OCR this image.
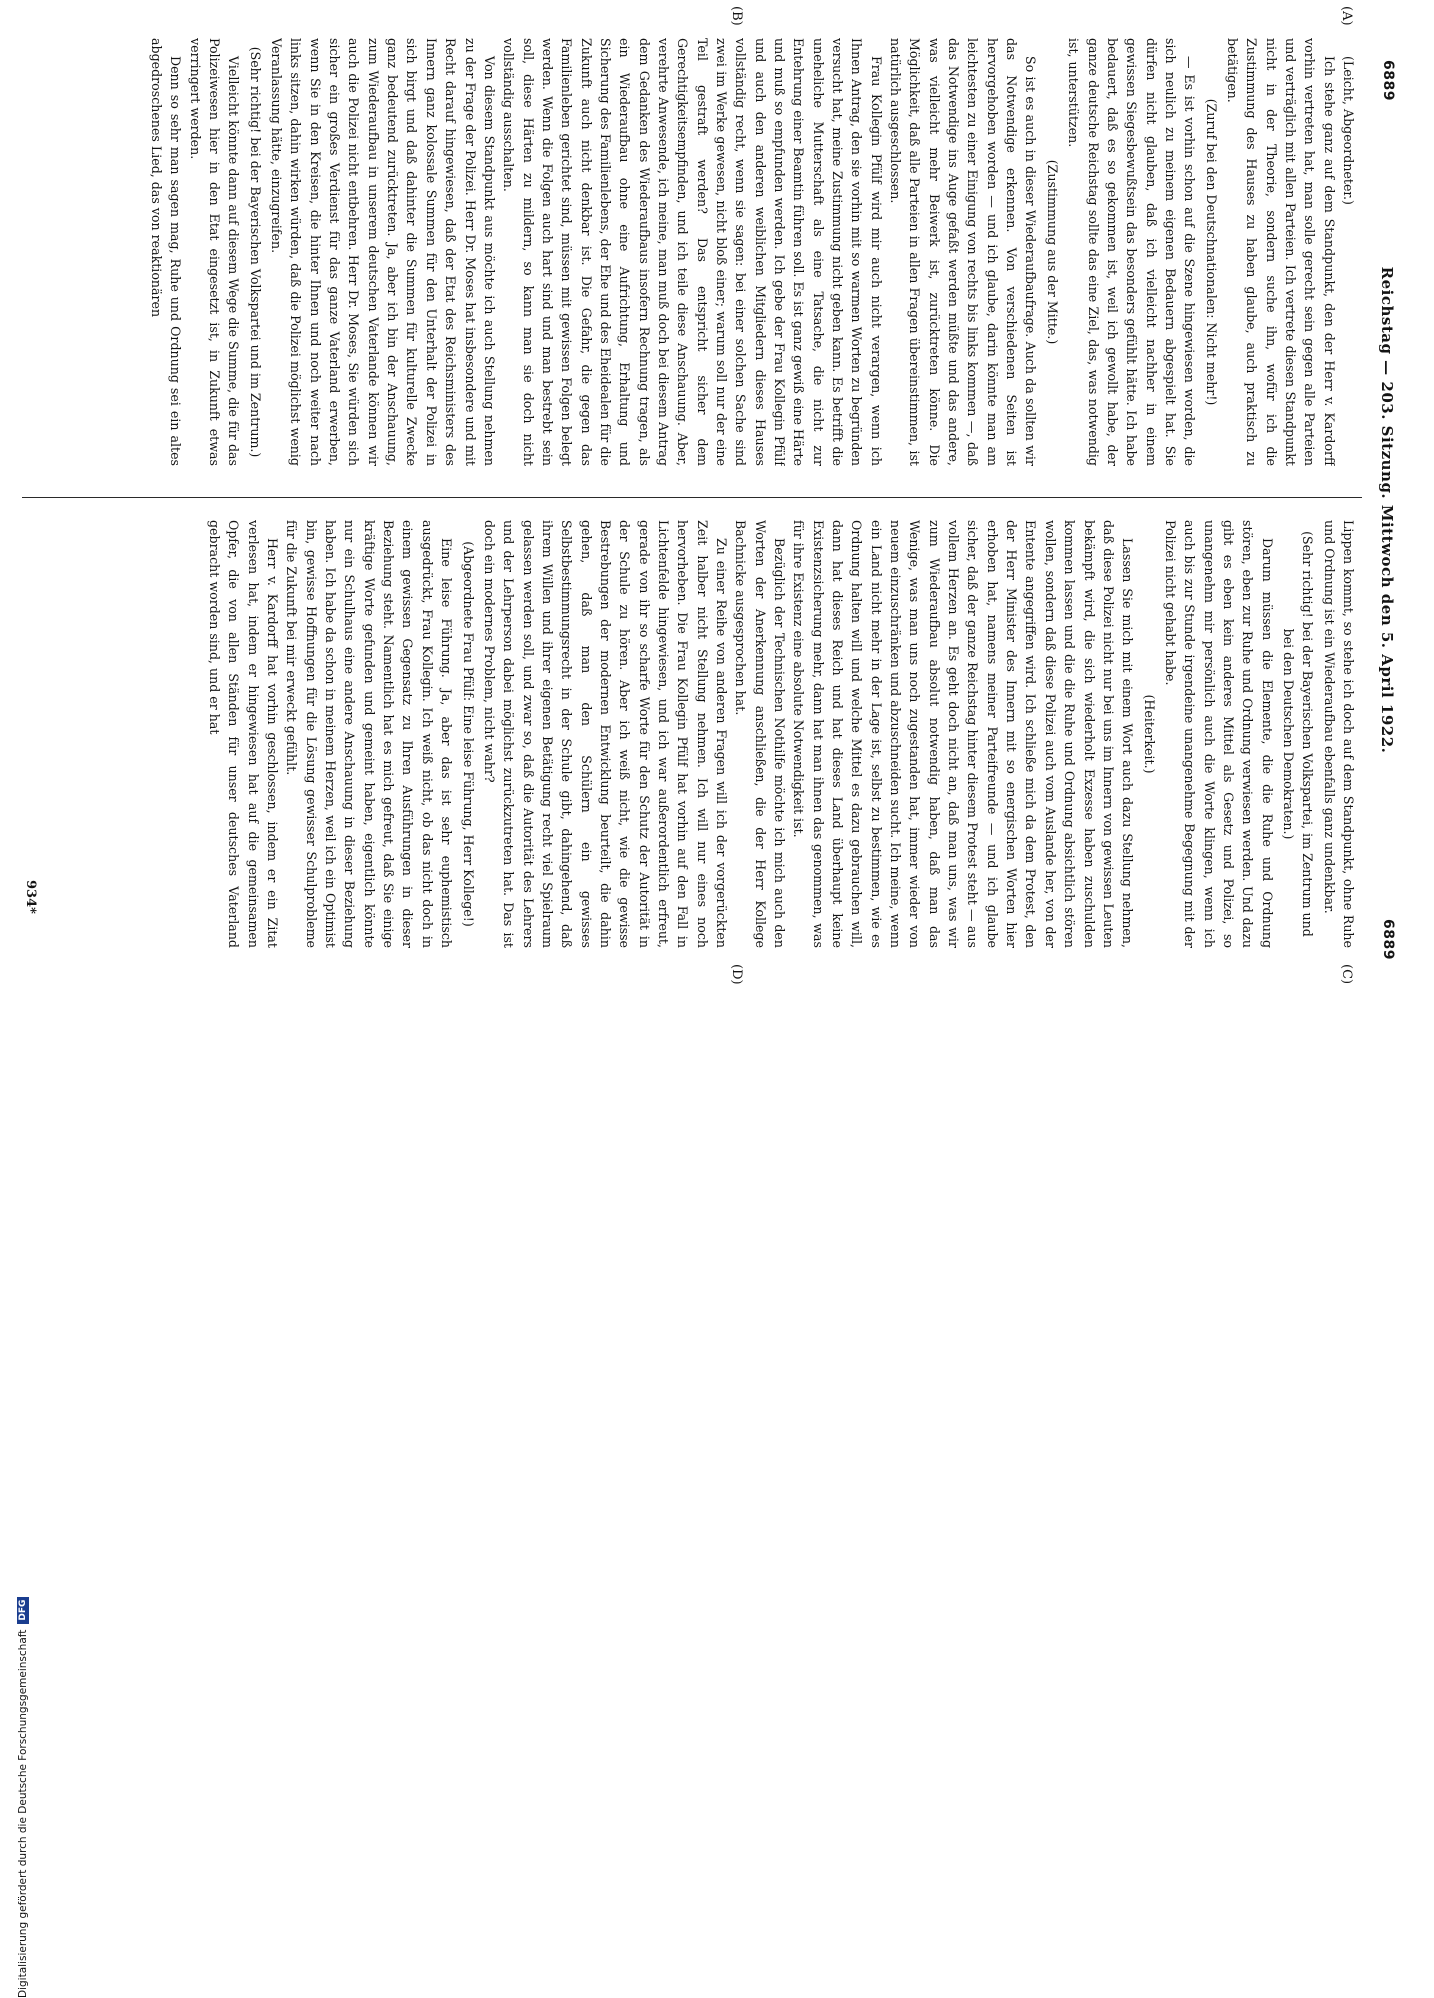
6889
Reichstag — 203. Sitzung. Mittwoch den 5. April 1922.
6889
(A)
(B)
(C)
(D)

(Leicht, Abgeordneter.)

Ich stehe ganz auf dem Standpunkt, den der Herr v. Kardorff vorhin vertreten hat, man solle gerecht sein gegen alle Parteien und verträglich mit allen Parteien. Ich vertrete diesen Standpunkt nicht in der Theorie, sondern suche ihn, wofür ich die Zustimmung des Hauses zu haben glaube, auch praktisch zu betätigen.

(Zuruf bei den Deutschnationalen: Nicht mehr!)

— Es ist vorhin schon auf die Szene hingewiesen worden, die sich neulich zu meinem eigenen Bedauern abgespielt hat. Sie dürfen nicht glauben, daß ich vielleicht nachher in einem gewissen Siegesbewußtsein das besonders gefühlt hätte. Ich habe bedauert, daß es so gekommen ist, weil ich gewollt habe, der ganze deutsche Reichstag sollte das eine Ziel, das, was notwendig ist, unterstützen.

(Zustimmung aus der Mitte.)

So ist es auch in dieser Wiederaufbaufrage. Auch da sollten wir das Notwendige erkennen. Von verschiedenen Seiten ist hervorgehoben worden — und ich glaube, darin könnte man am leichtesten zu einer Einigung von rechts bis links kommen —, daß das Notwendige ins Auge gefaßt werden müßte und das andere, was vielleicht mehr Beiwerk ist, zurücktreten könne. Die Möglichkeit, daß alle Parteien in allen Fragen übereinstimmen, ist natürlich ausgeschlossen.

Frau Kollegin Pfülf wird mir auch nicht verargen, wenn ich Ihnen Antrag, den sie vorhin mit so warmen Worten zu begründen versucht hat, meine Zustimmung nicht geben kann. Es betrifft die uneheliche Mutterschaft als eine Tatsache, die nicht zur Entehrung einer Beamtin führen soll. Es ist ganz gewiß eine Härte und muß so empfunden werden. Ich gebe der Frau Kollegin Pfülf und auch den anderen weiblichen Mitgliedern dieses Hauses vollständig recht, wenn sie sagen: bei einer solchen Sache sind zwei im Werke gewesen, nicht bloß einer; warum soll nur der eine Teil gestraft werden? Das entspricht sicher dem Gerechtigkeitsempfinden, und ich teile diese Anschauung. Aber, verehrte Anwesende, ich meine, man muß doch bei diesem Antrag dem Gedanken des Wiederaufbaus insofern Rechnung tragen, als ein Wiederaufbau ohne eine Aufrichtung, Erhaltung und Sicherung des Familienlebens, der Ehe und des Eheidealen für die Zukunft auch nicht denkbar ist. Die Gefahr, die gegen das Familienleben gerichtet sind, müssen mit gewissen Folgen belegt werden. Wenn die Folgen auch hart sind und man bestrebt sein soll, diese Härten zu mildern, so kann man sie doch nicht vollständig ausschalten.

Von diesem Standpunkt aus möchte ich auch Stellung nehmen zu der Frage der Polizei. Herr Dr. Moses hat insbesondere und mit Recht darauf hingewiesen, daß der Etat des Reichsministers des Innern ganz kolossale Summen für den Unterhalt der Polizei in sich birgt und daß dahinter die Summen für kulturelle Zwecke ganz bedeutend zurücktreten. Ja, aber ich bin der Anschauung, zum Wiederaufbau in unserem deutschen Vaterlande können wir auch die Polizei nicht entbehren. Herr Dr. Moses, Sie würden sich sicher ein großes Verdienst für das ganze Vaterland erwerben, wenn Sie in den Kreisen, die hinter Ihnen und noch weiter nach links sitzen, dahin wirken würden, daß die Polizei möglichst wenig Veranlassung hätte, einzugreifen.

(Sehr richtig! bei der Bayerischen Volkspartei und im Zentrum.)

Vielleicht könnte dann auf diesem Wege die Summe, die für das Polizeiwesen hier in den Etat eingesetzt ist, in Zukunft etwas verringert werden.

Denn so sehr man sagen mag, Ruhe und Ordnung sei ein altes abgedroschenes Lied, das von reaktionären

Lippen kommt, so stehe ich doch auf dem Standpunkt, ohne Ruhe und Ordnung ist ein Wiederaufbau ebenfalls ganz undenkbar.

(Sehr richtig! bei der Bayerischen Volkspartei, im Zentrum und bei den Deutschen Demokraten.)

Darum müssen die Elemente, die die Ruhe und Ordnung stören, eben zur Ruhe und Ordnung verwiesen werden. Und dazu gibt es eben kein anderes Mittel als Gesetz und Polizei, so unangenehm mir persönlich auch die Worte klingen, wenn ich auch bis zur Stunde irgendeine unangenehme Begegnung mit der Polizei nicht gehabt habe.

(Heiterkeit.)

Lassen Sie mich mit einem Wort auch dazu Stellung nehmen, daß diese Polizei nicht nur bei uns im Innern von gewissen Leuten bekämpft wird, die sich wiederholt Exzesse haben zuschulden kommen lassen und die die Ruhe und Ordnung absichtlich stören wollen, sondern daß diese Polizei auch vom Auslande her, von der Entente angegriffen wird. Ich schließe mich da dem Protest, den der Herr Minister des Innern mit so energischen Worten hier erhoben hat, namens meiner Parteifreunde — und ich glaube sicher, daß der ganze Reichstag hinter diesem Protest steht — aus vollem Herzen an. Es geht doch nicht an, daß man uns, was wir zum Wiederaufbau absolut notwendig haben, daß man das Wenige, was man uns noch zugestanden hat, immer wieder von neuem einzuschränken und abzuschneiden sucht. Ich meine, wenn ein Land nicht mehr in der Lage ist, selbst zu bestimmen, wie es Ordnung halten will und welche Mittel es dazu gebrauchen will, dann hat dieses Reich und hat dieses Land überhaupt keine Existenzsicherung mehr, dann hat man ihnen das genommen, was für ihre Existenz eine absolute Notwendigkeit ist.

Bezüglich der Technischen Nothilfe möchte ich mich auch den Worten der Anerkennung anschließen, die der Herr Kollege Bachnicke ausgesprochen hat.

Zu einer Reihe von anderen Fragen will ich der vorgerückten Zeit halber nicht Stellung nehmen. Ich will nur eines noch hervorheben. Die Frau Kollegin Pfülf hat vorhin auf den Fall in Lichtenfelde hingewiesen, und ich war außerordentlich erfreut, gerade von ihr so scharfe Worte für den Schutz der Autorität in der Schule zu hören. Aber ich weiß nicht, wie die gewisse Bestrebungen der modernen Entwicklung beurteilt, die dahin gehen, daß man den Schülern ein gewisses Selbstbestimmungsrecht in der Schule gibt, dahingehend, daß ihrem Willen und ihrer eigenen Betätigung recht viel Spielraum gelassen werden soll, und zwar so, daß die Autorität des Lehrers und der Lehrperson dabei möglichst zurückzutreten hat. Das ist doch ein modernes Problem, nicht wahr?

(Abgeordnete Frau Pfülf: Eine leise Führung, Herr Kollege!)

Eine leise Führung. Ja, aber das ist sehr euphemistisch ausgedrückt, Frau Kollegin. Ich weiß nicht, ob das nicht doch in einem gewissen Gegensatz zu Ihren Ausführungen in dieser Beziehung steht. Namentlich hat es mich gefreut, daß Sie einige kräftige Worte gefunden und gemeint haben, eigentlich könnte nur ein Schulhaus eine andere Anschauung in dieser Beziehung haben. Ich habe da schon in meinem Herzen, weil ich ein Optimist bin, gewisse Hoffnungen für die Lösung gewisser Schulprobleme für die Zukunft bei mir erweckt gefühlt.

Herr v. Kardorff hat vorhin geschlossen, indem er ein Zitat verlesen hat, indem er hingewiesen hat auf die gemeinsamen Opfer, die von allen Ständen für unser deutsches Vaterland gebracht worden sind, und er hat

934*
Digitalisierung gefördert durch die Deutsche ForschungsgemeinschaftDFG
